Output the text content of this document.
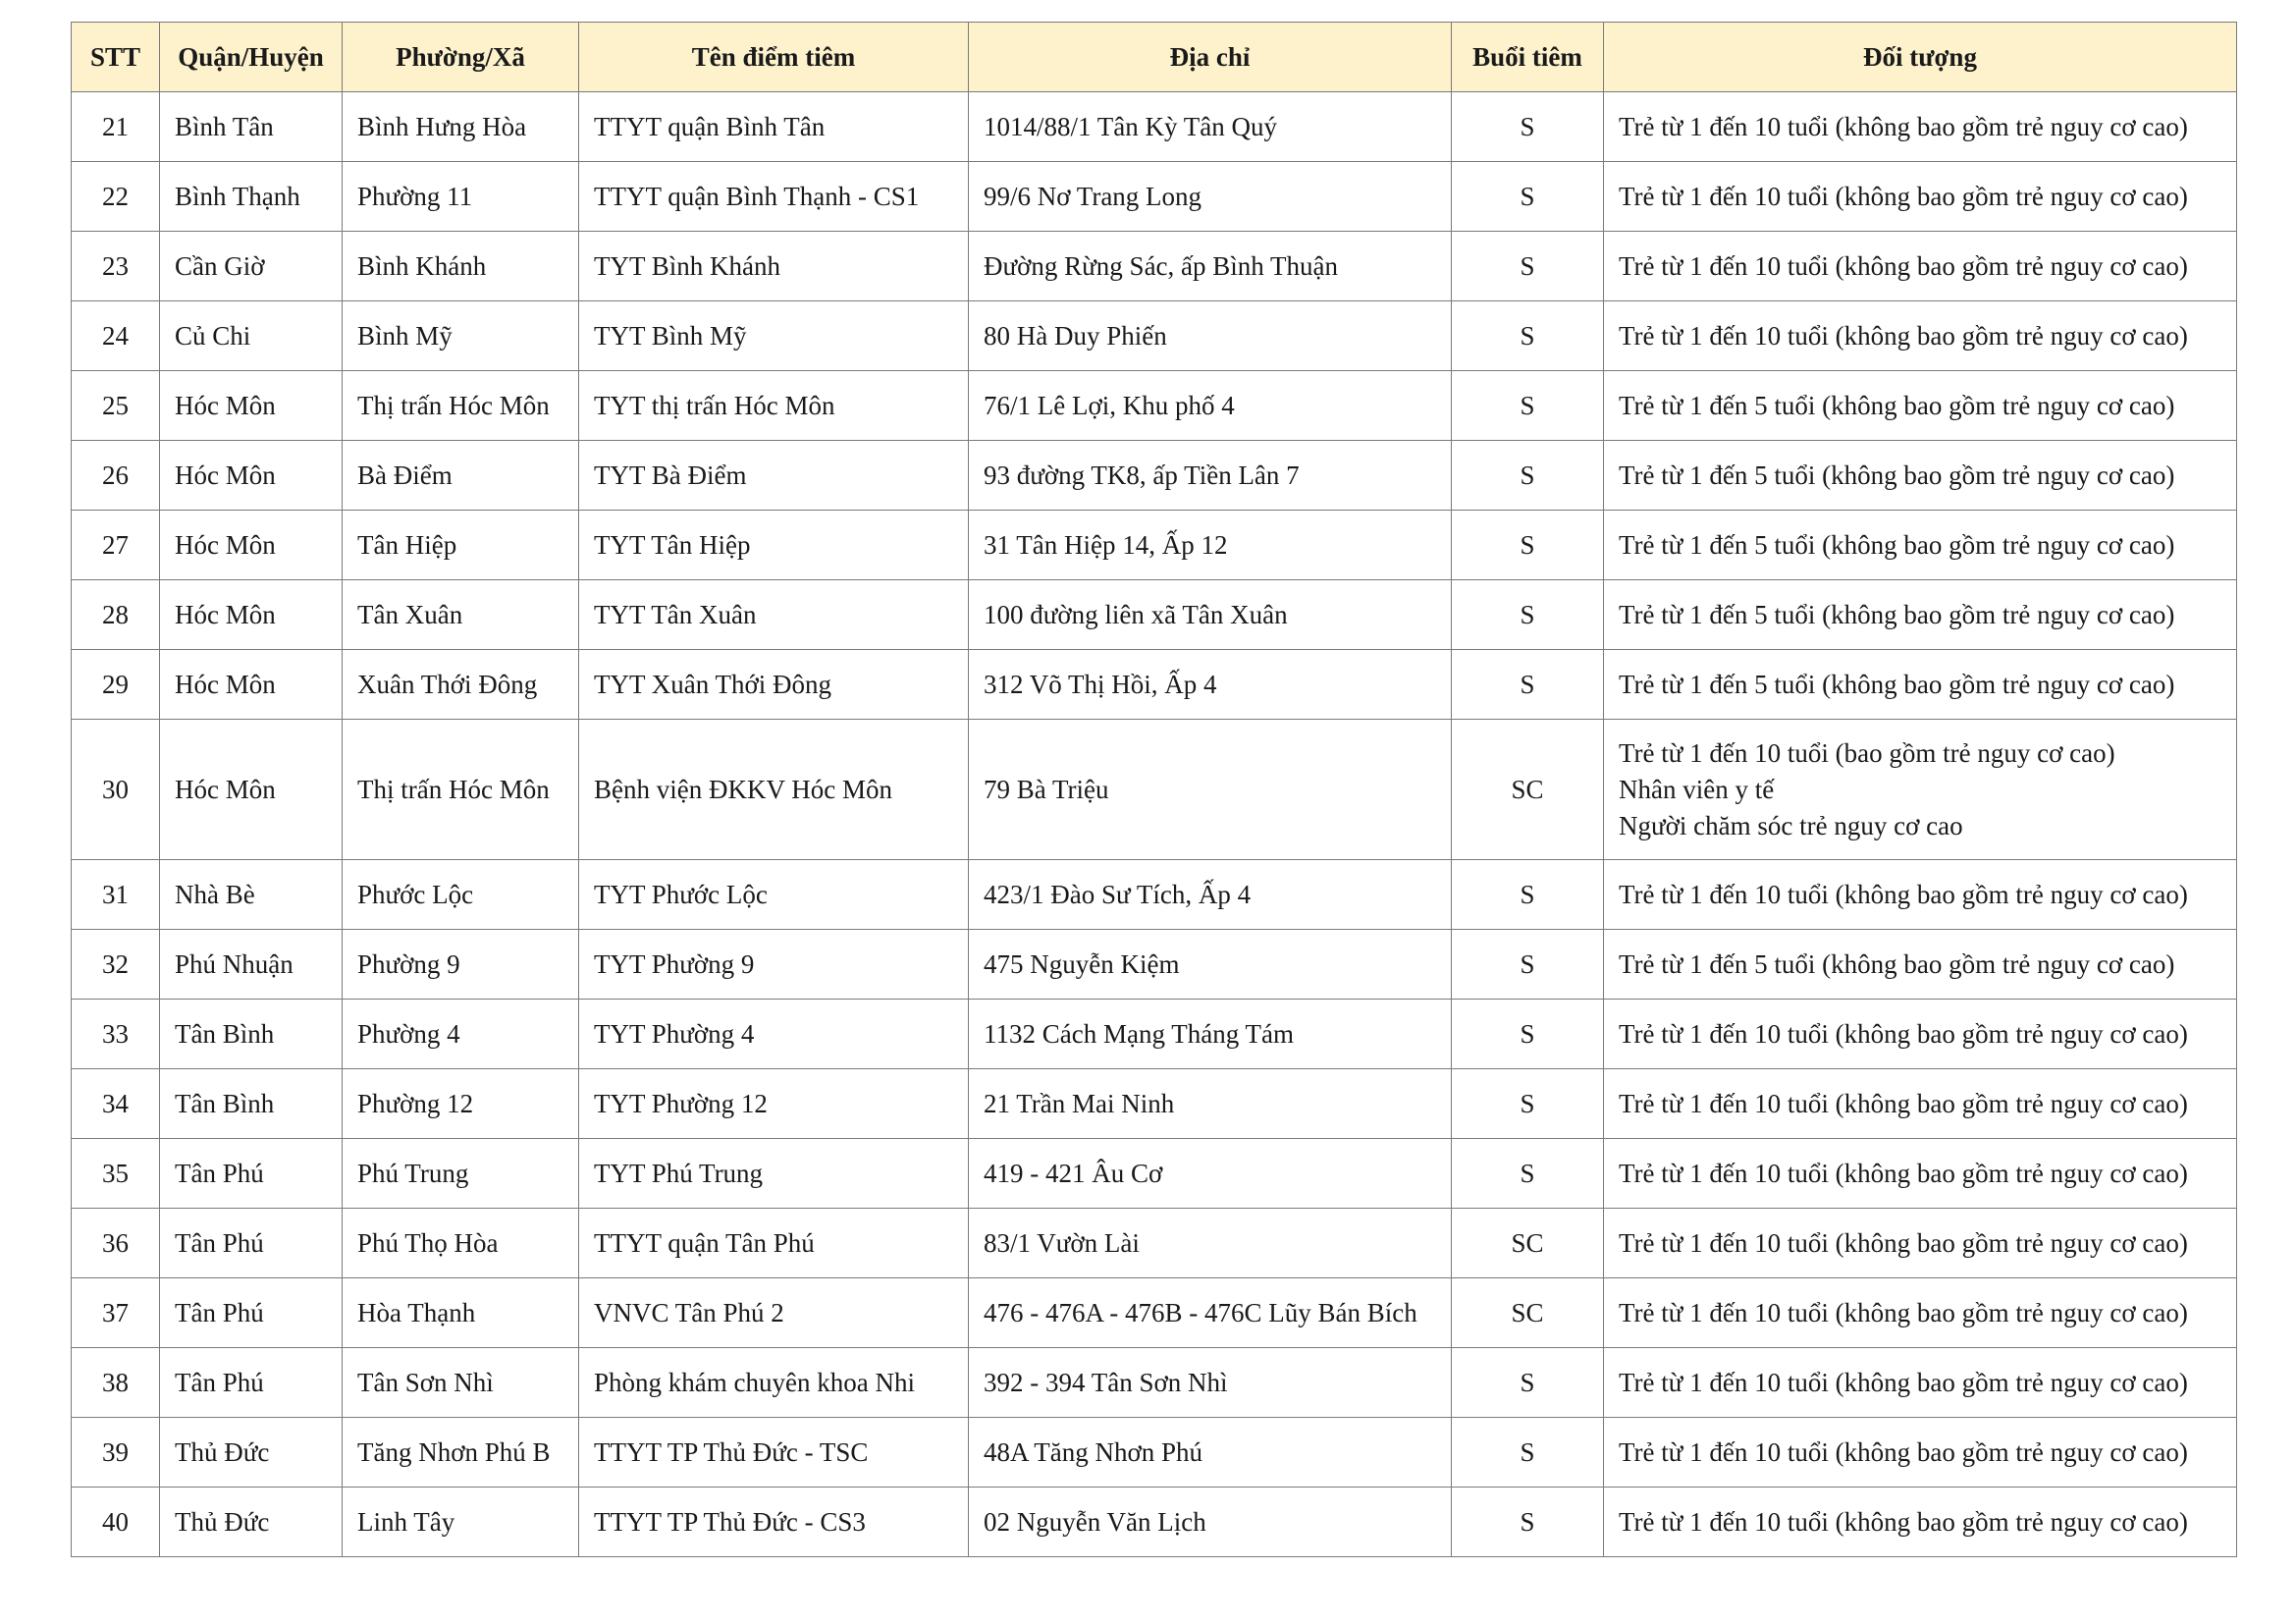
STT	Quận/Huyện	Phường/Xã	Tên điểm tiêm	Địa chỉ	Buổi tiêm	Đối tượng
21	Bình Tân	Bình Hưng Hòa	TTYT quận Bình Tân	1014/88/1 Tân Kỳ Tân Quý	S	Trẻ từ 1 đến 10 tuổi (không bao gồm trẻ nguy cơ cao)

22	Bình Thạnh	Phường 11	TTYT quận Bình Thạnh - CS1	99/6 Nơ Trang Long	S	Trẻ từ 1 đến 10 tuổi (không bao gồm trẻ nguy cơ cao)

23	Cần Giờ	Bình Khánh	TYT Bình Khánh	Đường Rừng Sác, ấp Bình Thuận	S	Trẻ từ 1 đến 10 tuổi (không bao gồm trẻ nguy cơ cao)

24	Củ Chi	Bình Mỹ	TYT Bình Mỹ	80 Hà Duy Phiến	S	Trẻ từ 1 đến 10 tuổi (không bao gồm trẻ nguy cơ cao)

25	Hóc Môn	Thị trấn Hóc Môn	TYT thị trấn Hóc Môn	76/1 Lê Lợi, Khu phố 4	S	Trẻ từ 1 đến 5 tuổi (không bao gồm trẻ nguy cơ cao)

26	Hóc Môn	Bà Điểm	TYT Bà Điểm	93 đường TK8, ấp Tiền Lân 7	S	Trẻ từ 1 đến 5 tuổi (không bao gồm trẻ nguy cơ cao)

27	Hóc Môn	Tân Hiệp	TYT Tân Hiệp	31 Tân Hiệp 14, Ấp 12	S	Trẻ từ 1 đến 5 tuổi (không bao gồm trẻ nguy cơ cao)

28	Hóc Môn	Tân Xuân	TYT Tân Xuân	100 đường liên xã Tân Xuân	S	Trẻ từ 1 đến 5 tuổi (không bao gồm trẻ nguy cơ cao)

29	Hóc Môn	Xuân Thới Đông	TYT Xuân Thới Đông	312 Võ Thị Hồi, Ấp 4	S	Trẻ từ 1 đến 5 tuổi (không bao gồm trẻ nguy cơ cao)

30	Hóc Môn	Thị trấn Hóc Môn	Bệnh viện ĐKKV Hóc Môn	79 Bà Triệu	SC	Trẻ từ 1 đến 10 tuổi (bao gồm trẻ nguy cơ cao)
Nhân viên y tế
Người chăm sóc trẻ nguy cơ cao

31	Nhà Bè	Phước Lộc	TYT Phước Lộc	423/1 Đào Sư Tích, Ấp 4	S	Trẻ từ 1 đến 10 tuổi (không bao gồm trẻ nguy cơ cao)

32	Phú Nhuận	Phường 9	TYT Phường 9	475 Nguyễn Kiệm	S	Trẻ từ 1 đến 5 tuổi (không bao gồm trẻ nguy cơ cao)

33	Tân Bình	Phường 4	TYT Phường 4	1132 Cách Mạng Tháng Tám	S	Trẻ từ 1 đến 10 tuổi (không bao gồm trẻ nguy cơ cao)

34	Tân Bình	Phường 12	TYT Phường 12	21 Trần Mai Ninh	S	Trẻ từ 1 đến 10 tuổi (không bao gồm trẻ nguy cơ cao)

35	Tân Phú	Phú Trung	TYT Phú Trung	419 - 421 Âu Cơ	S	Trẻ từ 1 đến 10 tuổi (không bao gồm trẻ nguy cơ cao)

36	Tân Phú	Phú Thọ Hòa	TTYT quận Tân Phú	83/1 Vườn Lài	SC	Trẻ từ 1 đến 10 tuổi (không bao gồm trẻ nguy cơ cao)

37	Tân Phú	Hòa Thạnh	VNVC Tân Phú 2	476 - 476A - 476B - 476C Lũy Bán Bích	SC	Trẻ từ 1 đến 10 tuổi (không bao gồm trẻ nguy cơ cao)

38	Tân Phú	Tân Sơn Nhì	Phòng khám chuyên khoa Nhi	392 - 394 Tân Sơn Nhì	S	Trẻ từ 1 đến 10 tuổi (không bao gồm trẻ nguy cơ cao)

39	Thủ Đức	Tăng Nhơn Phú B	TTYT TP Thủ Đức - TSC	48A Tăng Nhơn Phú	S	Trẻ từ 1 đến 10 tuổi (không bao gồm trẻ nguy cơ cao)

40	Thủ Đức	Linh Tây	TTYT TP Thủ Đức - CS3	02 Nguyễn Văn Lịch	S	Trẻ từ 1 đến 10 tuổi (không bao gồm trẻ nguy cơ cao)
